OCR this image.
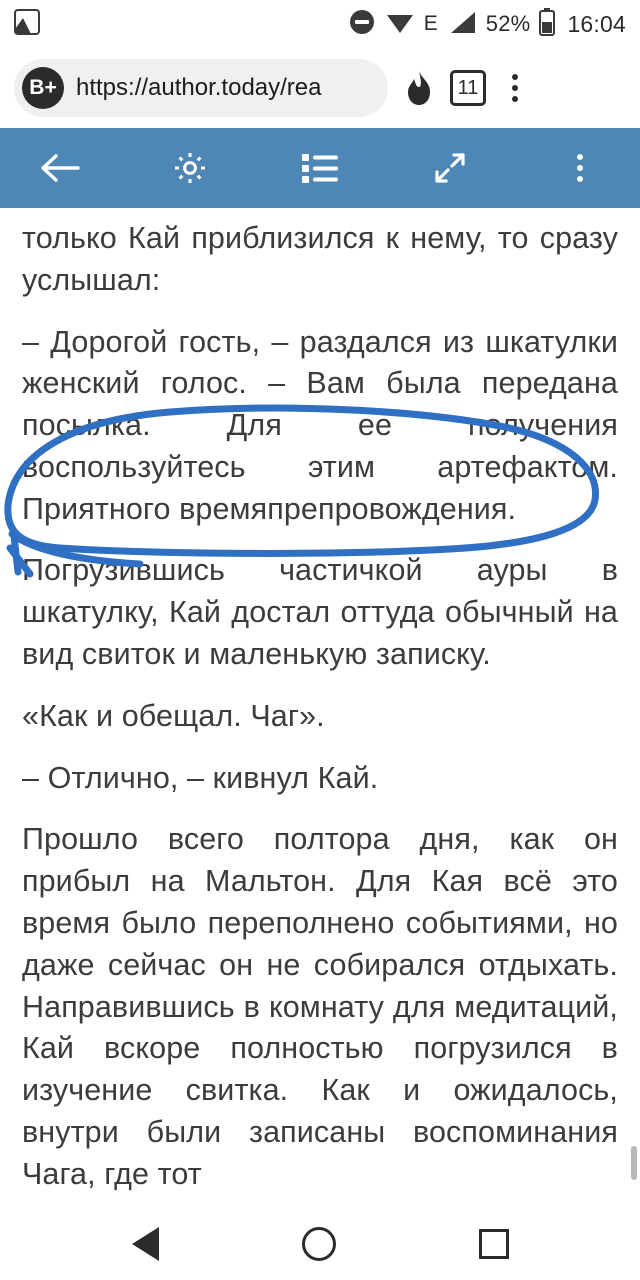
E 52% 16:04
B+ https://author.today/rea	11

только Кай приблизился к нему, то сразу услышал:

– Дорогой гость, – раздался из шкатулки женский голос. – Вам была передана посылка. Для ее получения воспользуйтесь этим артефактом. Приятного времяпрепровождения.

Погрузившись частичкой ауры в шкатулку, Кай достал оттуда обычный на вид свиток и маленькую записку.

«Как и обещал. Чаг».

– Отлично, – кивнул Кай.

Прошло всего полтора дня, как он прибыл на Мальтон. Для Кая всё это время было переполнено событиями, но даже сейчас он не собирался отдыхать. Направившись в комнату для медитаций, Кай вскоре полностью погрузился в изучение свитка. Как и ожидалось, внутри были записаны воспоминания Чага, где тот
